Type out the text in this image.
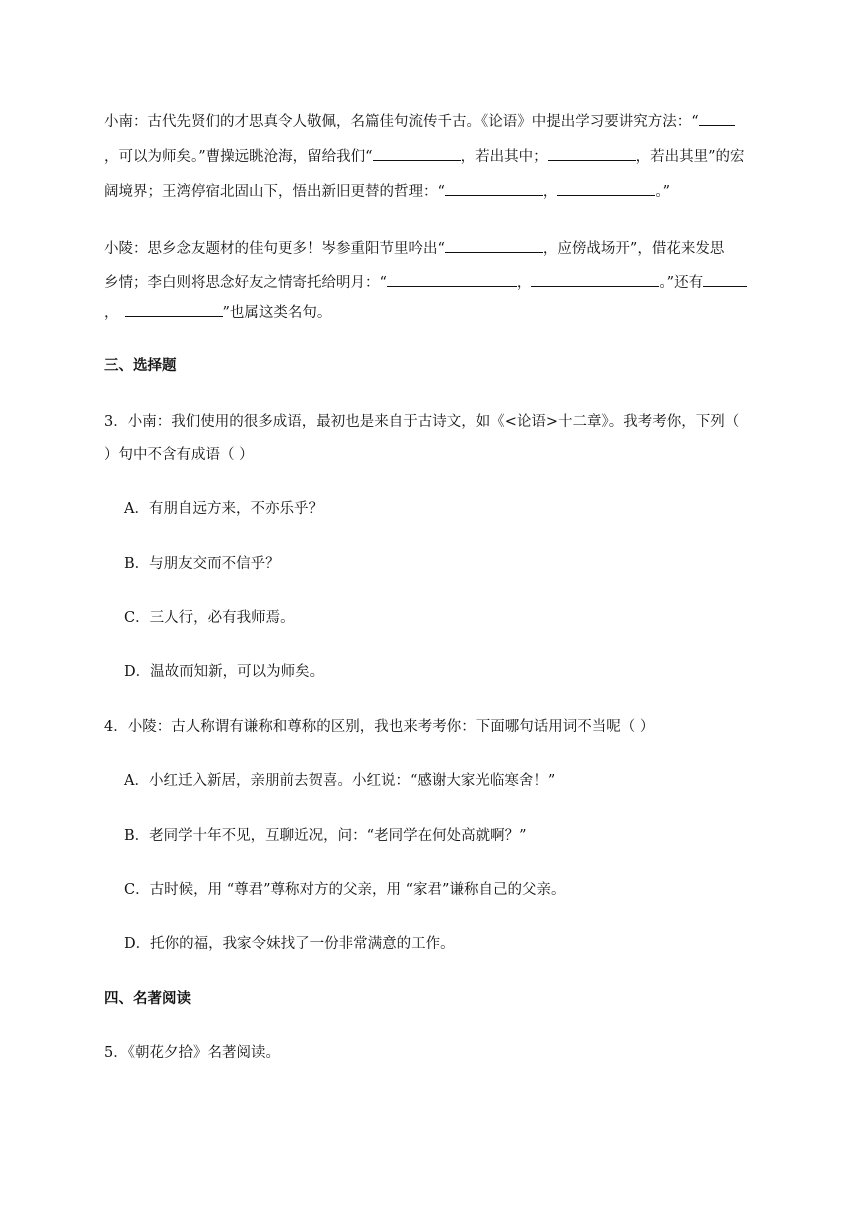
小南：古代先贤们的才思真令人敬佩，名篇佳句流传千古。《论语》中提出学习要讲究方法：“
，可以为师矣。”曹操远眺沧海，留给我们“	，若出其中；	，若出其里”的宏
阔境界；王湾停宿北固山下，悟出新旧更替的哲理：“	，	。”
小陵：思乡念友题材的佳句更多！岑参重阳节里吟出“	，应傍战场开”，借花来发思
乡情；李白则将思念好友之情寄托给明月：“	，	。”还有
，	”也属这类名句。
三、选择题
3．小南：我们使用的很多成语，最初也是来自于古诗文，如《<论语>十二章》。我考考你，下列（
）句中不含有成语（ ）
A．有朋自远方来，不亦乐乎？
B．与朋友交而不信乎？
C．三人行，必有我师焉。
D．温故而知新，可以为师矣。
4．小陵：古人称谓有谦称和尊称的区别，我也来考考你：下面哪句话用词不当呢（ ）
A．小红迁入新居，亲朋前去贺喜。小红说：“感谢大家光临寒舍！”
B．老同学十年不见，互聊近况，问：“老同学在何处高就啊？”
C．古时候，用 “尊君”尊称对方的父亲，用 “家君”谦称自己的父亲。
D．托你的福，我家令妹找了一份非常满意的工作。
四、名著阅读
5．《朝花夕拾》名著阅读。
